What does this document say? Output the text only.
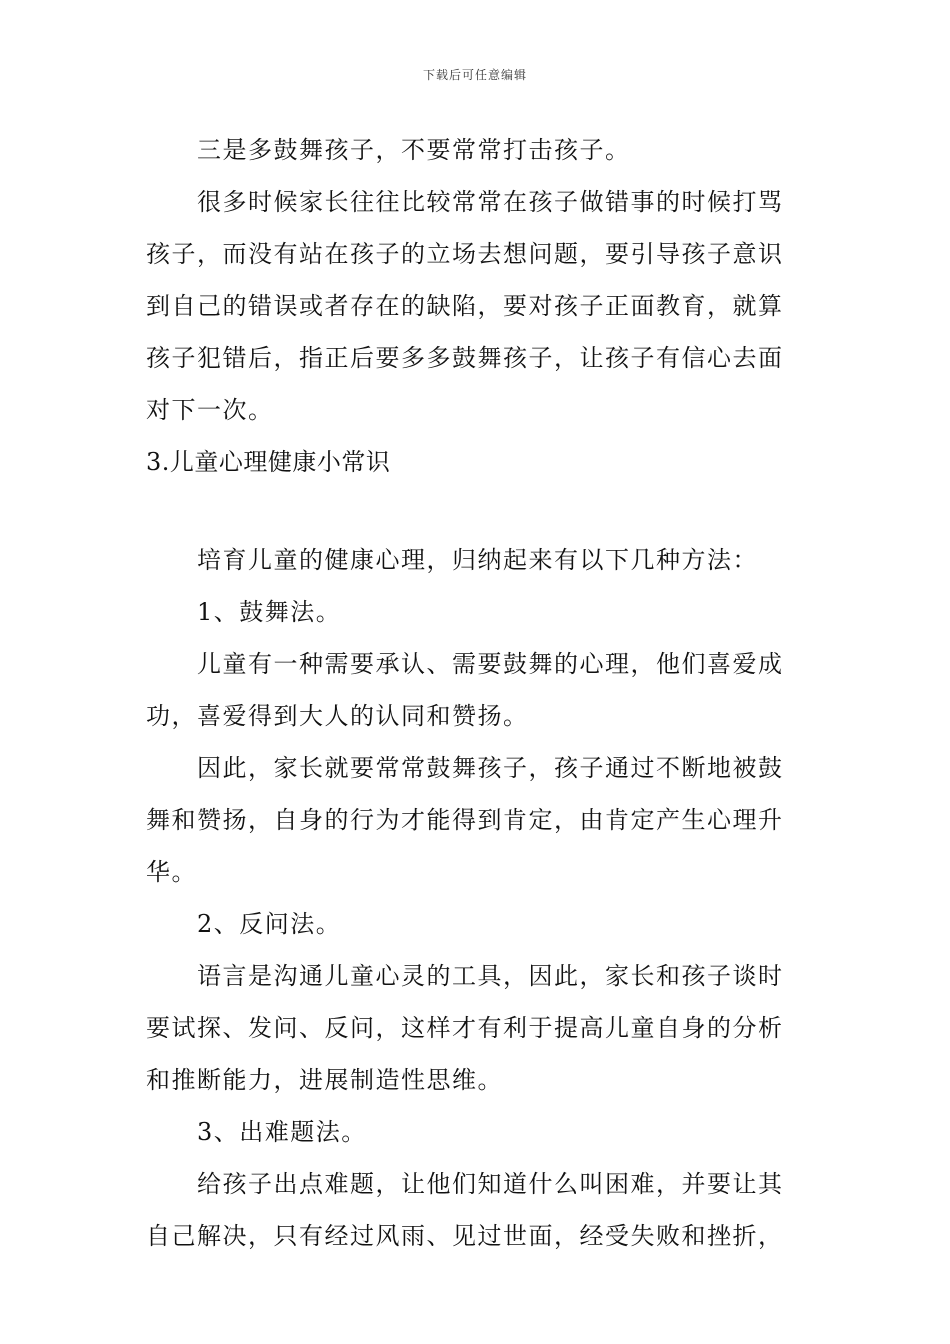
下载后可任意编辑

三是多鼓舞孩子，不要常常打击孩子。

很多时候家长往往比较常常在孩子做错事的时候打骂孩子，而没有站在孩子的立场去想问题，要引导孩子意识到自己的错误或者存在的缺陷，要对孩子正面教育，就算孩子犯错后，指正后要多多鼓舞孩子，让孩子有信心去面对下一次。

3.儿童心理健康小常识

培育儿童的健康心理，归纳起来有以下几种方法：

1、鼓舞法。

儿童有一种需要承认、需要鼓舞的心理，他们喜爱成功，喜爱得到大人的认同和赞扬。

因此，家长就要常常鼓舞孩子，孩子通过不断地被鼓舞和赞扬，自身的行为才能得到肯定，由肯定产生心理升华。

2、反问法。

语言是沟通儿童心灵的工具，因此，家长和孩子谈时要试探、发问、反问，这样才有利于提高儿童自身的分析和推断能力，进展制造性思维。

3、出难题法。

给孩子出点难题，让他们知道什么叫困难，并要让其自己解决，只有经过风雨、见过世面，经受失败和挫折，
